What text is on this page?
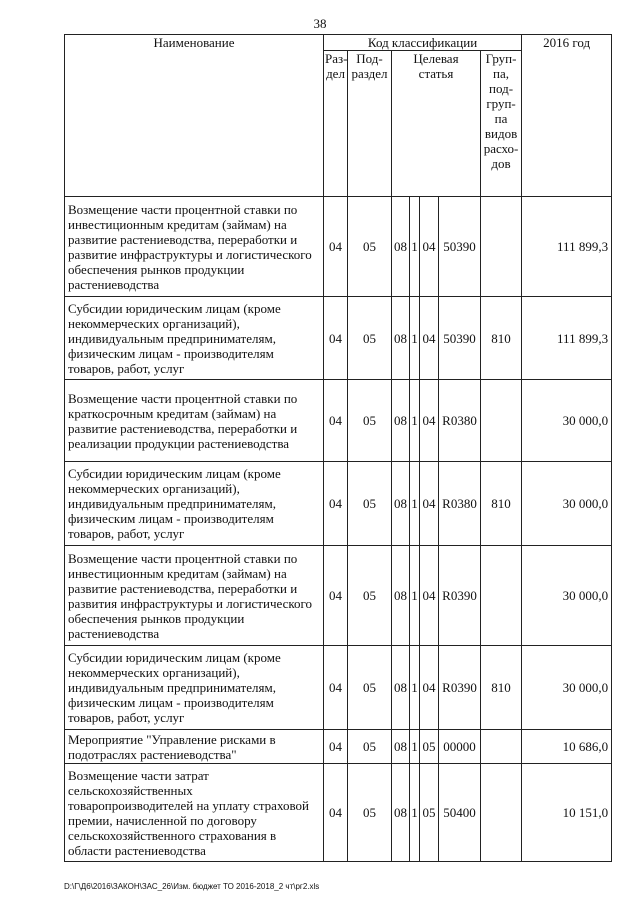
38
Наименование	Код классификации							2016 год
	Раз-дел	Под-раздел	Целевая статья				Груп-па, под-груп-па видов расхо-дов	
Возмещение части процентной ставки по инвестиционным кредитам (займам) на развитие растениеводства, переработки и развитие инфраструктуры и логистического обеспечения рынков продукции растениеводства	04	05	08	1	04	50390		111 899,3
Субсидии юридическим лицам (кроме некоммерческих организаций), индивидуальным предпринимателям, физическим лицам - производителям товаров, работ, услуг	04	05	08	1	04	50390	810	111 899,3
Возмещение части процентной ставки по краткосрочным кредитам (займам) на развитие растениеводства, переработки и реализации продукции растениеводства	04	05	08	1	04	R0380		30 000,0
Субсидии юридическим лицам (кроме некоммерческих организаций), индивидуальным предпринимателям, физическим лицам - производителям товаров, работ, услуг	04	05	08	1	04	R0380	810	30 000,0
Возмещение части процентной ставки по инвестиционным кредитам (займам) на развитие растениеводства, переработки и развития инфраструктуры и логистического обеспечения рынков продукции растениеводства	04	05	08	1	04	R0390		30 000,0
Субсидии юридическим лицам (кроме некоммерческих организаций), индивидуальным предпринимателям, физическим лицам - производителям товаров, работ, услуг	04	05	08	1	04	R0390	810	30 000,0
Мероприятие "Управление рисками в подотраслях растениеводства"	04	05	08	1	05	00000		10 686,0
Возмещение части затрат сельскохозяйственных товаропроизводителей на уплату страховой премии, начисленной по договору сельскохозяйственного страхования в области растениеводства	04	05	08	1	05	50400		10 151,0
D:\Г\Д6\2016\ЗАКОН\ЗАС_26\Изм. бюджет ТО 2016-2018_2 чт\рг2.xls
